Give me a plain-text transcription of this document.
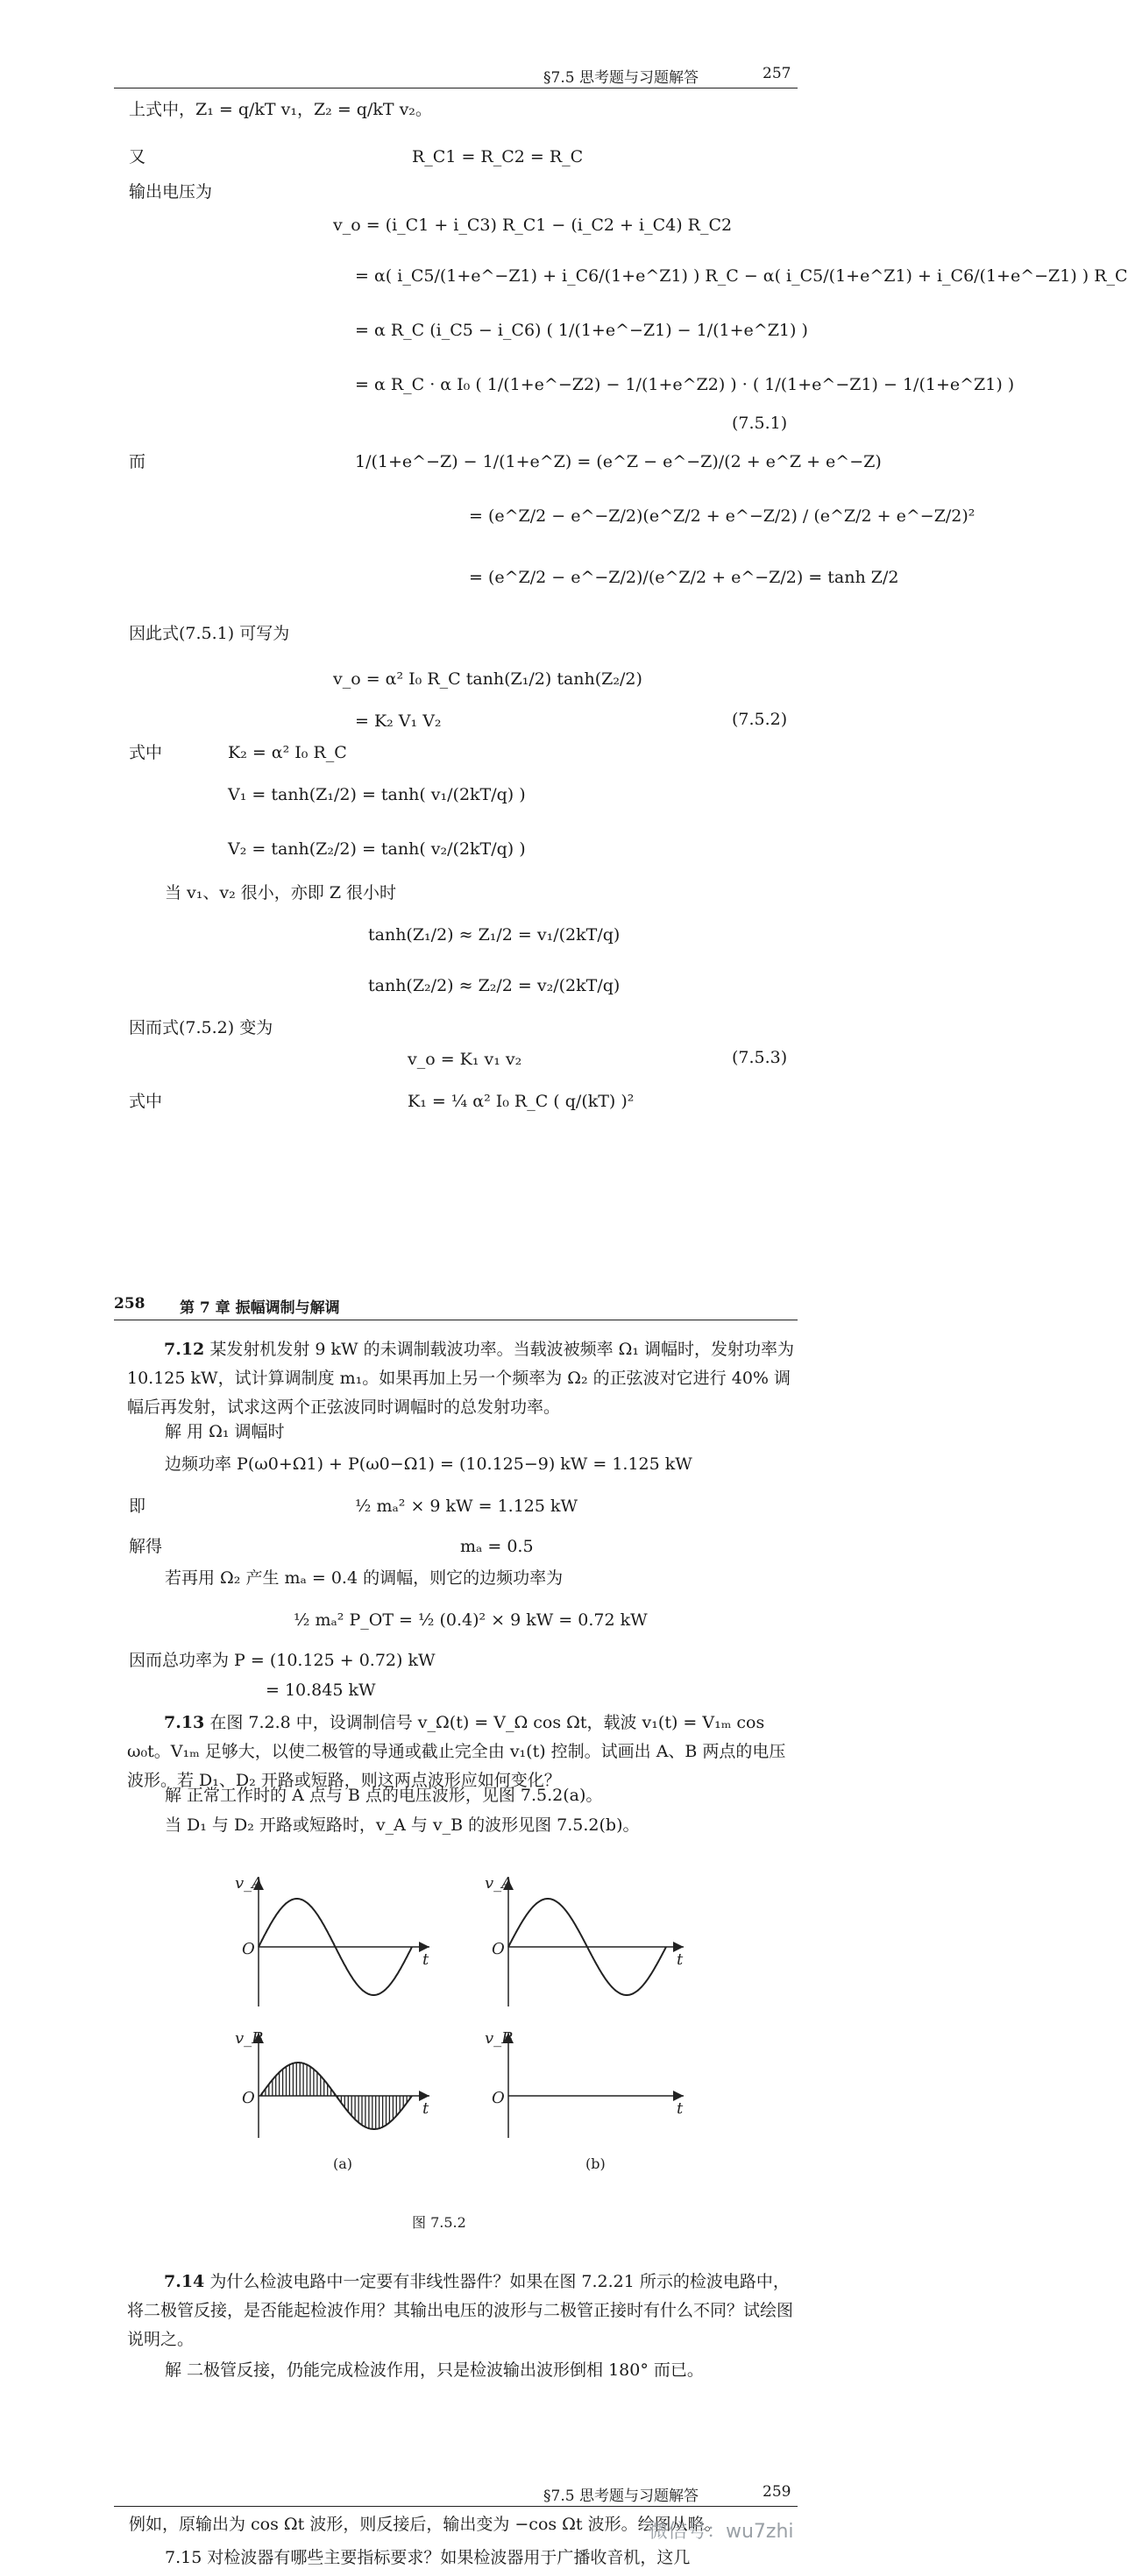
§7.5 思考题与习题解答	257
上式中，Z₁ = q/kT v₁，Z₂ = q/kT v₂。
又	R_C1 = R_C2 = R_C
输出电压为
v_o = (i_C1 + i_C3) R_C1 − (i_C2 + i_C4) R_C2
= α( i_C5/(1+e^−Z1) + i_C6/(1+e^Z1) ) R_C − α( i_C5/(1+e^Z1) + i_C6/(1+e^−Z1) ) R_C
= α R_C (i_C5 − i_C6) ( 1/(1+e^−Z1) − 1/(1+e^Z1) )
= α R_C · α I₀ ( 1/(1+e^−Z2) − 1/(1+e^Z2) ) · ( 1/(1+e^−Z1) − 1/(1+e^Z1) )
而	1/(1+e^−Z) − 1/(1+e^Z) = (e^Z − e^−Z)/(2 + e^Z + e^−Z)
= (e^Z/2 − e^−Z/2)(e^Z/2 + e^−Z/2) / (e^Z/2 + e^−Z/2)²
= (e^Z/2 − e^−Z/2)/(e^Z/2 + e^−Z/2) = tanh Z/2
因此式(7.5.1) 可写为
v_o = α² I₀ R_C tanh(Z₁/2) tanh(Z₂/2)
= K₂ V₁ V₂
式中	K₂ = α² I₀ R_C
V₁ = tanh(Z₁/2) = tanh( v₁/(2kT/q) )
V₂ = tanh(Z₂/2) = tanh( v₂/(2kT/q) )
当 v₁、v₂ 很小，亦即 Z 很小时
tanh(Z₁/2) ≈ Z₁/2 = v₁/(2kT/q)
tanh(Z₂/2) ≈ Z₂/2 = v₂/(2kT/q)
因而式(7.5.2) 变为
v_o = K₁ v₁ v₂
式中	K₁ = ¼ α² I₀ R_C ( q/(kT) )²
(7.5.1)
(7.5.2)
(7.5.3)
258 第 7 章 振幅调制与解调
7.12 某发射机发射 9 kW 的未调制载波功率。当载波被频率 Ω₁ 调幅时，发射功率为 10.125 kW，试计算调制度 m₁。如果再加上另一个频率为 Ω₂ 的正弦波对它进行 40% 调幅后再发射，试求这两个正弦波同时调幅时的总发射功率。
解 用 Ω₁ 调幅时
边频功率 P(ω0+Ω1) + P(ω0−Ω1) = (10.125−9) kW = 1.125 kW
即	½ mₐ² × 9 kW = 1.125 kW
解得	mₐ = 0.5
若再用 Ω₂ 产生 mₐ = 0.4 的调幅，则它的边频功率为
½ mₐ² P_OT = ½ (0.4)² × 9 kW = 0.72 kW
因而总功率为 P = (10.125 + 0.72) kW
= 10.845 kW
7.13 在图 7.2.8 中，设调制信号 v_Ω(t) = V_Ω cos Ωt，载波 v₁(t) = V₁ₘ cos ω₀t。V₁ₘ 足够大，以使二极管的导通或截止完全由 v₁(t) 控制。试画出 A、B 两点的电压波形。若 D₁、D₂ 开路或短路，则这两点波形应如何变化？
解 正常工作时的 A 点与 B 点的电压波形，见图 7.5.2(a)。
当 D₁ 与 D₂ 开路或短路时，v_A 与 v_B 的波形见图 7.5.2(b)。
v_A
O
t
v_B
O
t
v_A
O
t
v_B
O
t
(a)	(b)
图 7.5.2
7.14 为什么检波电路中一定要有非线性器件？如果在图 7.2.21 所示的检波电路中，将二极管反接，是否能起检波作用？其输出电压的波形与二极管正接时有什么不同？试绘图说明之。
解 二极管反接，仍能完成检波作用，只是检波输出波形倒相 180° 而已。
§7.5 思考题与习题解答	259
例如，原输出为 cos Ωt 波形，则反接后，输出变为 −cos Ωt 波形。绘图从略。
7.15 对检波器有哪些主要指标要求？如果检波器用于广播收音机，这几
微信号：wu7zhi
